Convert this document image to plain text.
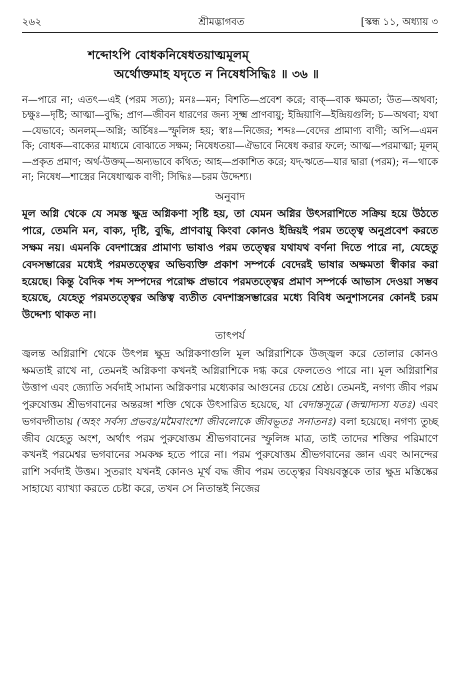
২৬২	শ্রীমদ্ভাগবত	[স্কন্ধ ১১, অধ্যায় ৩
শব্দোঽপি বোধকনিষেধতয়াত্মমূলম্
অর্থোক্তমাহ যদৃতে ন নিষেধসিদ্ধিঃ ॥ ৩৬ ॥
ন—পারে না; এতৎ—এই (পরম সত্য); মনঃ—মন; বিশতি—প্রবেশ করে; বাক্—বাক ক্ষমতা; উত—অথবা; চক্ষুঃ—দৃষ্টি; আত্মা—বুদ্ধি; প্রাণ—জীবন ধারণের জন্য সূক্ষ্ম প্রাণবায়ু; ইন্দ্রিয়াণি—ইন্দ্রিয়গুলি; চ—অথবা; যথা—যেভাবে; অনলম্—অগ্নি; অর্চিষঃ—স্ফুলিঙ্গ হয়; স্বাঃ—নিজের; শব্দঃ—বেদের প্রামাণ্য বাণী; অপি—এমন কি; বোধক—বাক্যের মাধ্যমে বোঝাতে সক্ষম; নিষেধতয়া—ঐভাবে নিষেধ করার ফলে; আত্ম—পরমাত্মা; মূলম্—প্রকৃত প্রমাণ; অর্থ-উক্তম্—অন্যভাবে কথিত; আহ—প্রকাশিত করে; যদ্-ঋতে—যার দ্বারা (পরম); ন—থাকে না; নিষেধ—শাস্ত্রের নিষেধাত্মক বাণী; সিদ্ধিঃ—চরম উদ্দেশ্য।
অনুবাদ

মূল অগ্নি থেকে যে সমস্ত ক্ষুদ্র অগ্নিকণা সৃষ্টি হয়, তা যেমন অগ্নির উৎসরাশিতে সক্রিয় হয়ে উঠতে পারে, তেমনি মন, বাক্য, দৃষ্টি, বুদ্ধি, প্রাণবায়ু কিংবা কোনও ইন্দ্রিয়ই পরম তত্ত্বে অনুপ্রবেশ করতে সক্ষম নয়। এমনকি বেদশাস্ত্রের প্রামাণ্য ভাষাও পরম তত্ত্বের যথাযথ বর্ণনা দিতে পারে না, যেহেতু বেদসম্ভারের মধ্যেই পরমতত্ত্বের অভিব্যক্তি প্রকাশ সম্পর্কে বেদেরই ভাষার অক্ষমতা স্বীকার করা হয়েছে। কিন্তু বৈদিক শব্দ সম্পদের পরোক্ষ প্রভাবে পরমতত্ত্বের প্রমাণ সম্পর্কে আভাস দেওয়া সম্ভব হয়েছে, যেহেতু পরমতত্ত্বের অস্তিত্ব ব্যতীত বেদশাস্ত্রসম্ভারের মধ্যে বিবিধ অনুশাসনের কোনই চরম উদ্দেশ্য থাকত না।

তাৎপর্য

জ্বলন্ত অগ্নিরাশি থেকে উৎপন্ন ক্ষুদ্র অগ্নিকণাগুলি মূল অগ্নিরাশিকে উজ্জ্বল করে তোলার কোনও ক্ষমতাই রাখে না, তেমনই অগ্নিকণা কখনই অগ্নিরাশিকে দগ্ধ করে ফেলতেও পারে না। মূল অগ্নিরাশির উত্তাপ এবং জ্যোতি সর্বদাই সামান্য অগ্নিকণার মধ্যেকার আগুনের চেয়ে শ্রেষ্ঠ। তেমনই, নগণ্য জীব পরম পুরুষোত্তম শ্রীভগবানের অন্তরঙ্গা শক্তি থেকে উৎসারিত হয়েছে, যা বেদান্তসূত্রে (জন্মাদ্যস্য যতঃ) এবং ভগবদ্গীতায় (অহং সর্বস্য প্রভবঃ/মমৈবাংশো জীবলোকে জীবভূতঃ সনাতনঃ) বলা হয়েছে। নগণ্য তুচ্ছ জীব যেহেতু অংশ, অর্থাৎ পরম পুরুষোত্তম শ্রীভগবানের স্ফুলিঙ্গ মাত্র, তাই তাদের শক্তির পরিমাণে কখনই পরমেশ্বর ভগবানের সমকক্ষ হতে পারে না। পরম পুরুষোত্তম শ্রীভগবানের জ্ঞান এবং আনন্দের রাশি সর্বদাই উত্তম। সুতরাং যখনই কোনও মূর্খ বদ্ধ জীব পরম তত্ত্বের বিষয়বস্তুকে তার ক্ষুদ্র মস্তিষ্কের সাহায্যে ব্যাখ্যা করতে চেষ্টা করে, তখন সে নিতান্তই নিজের
